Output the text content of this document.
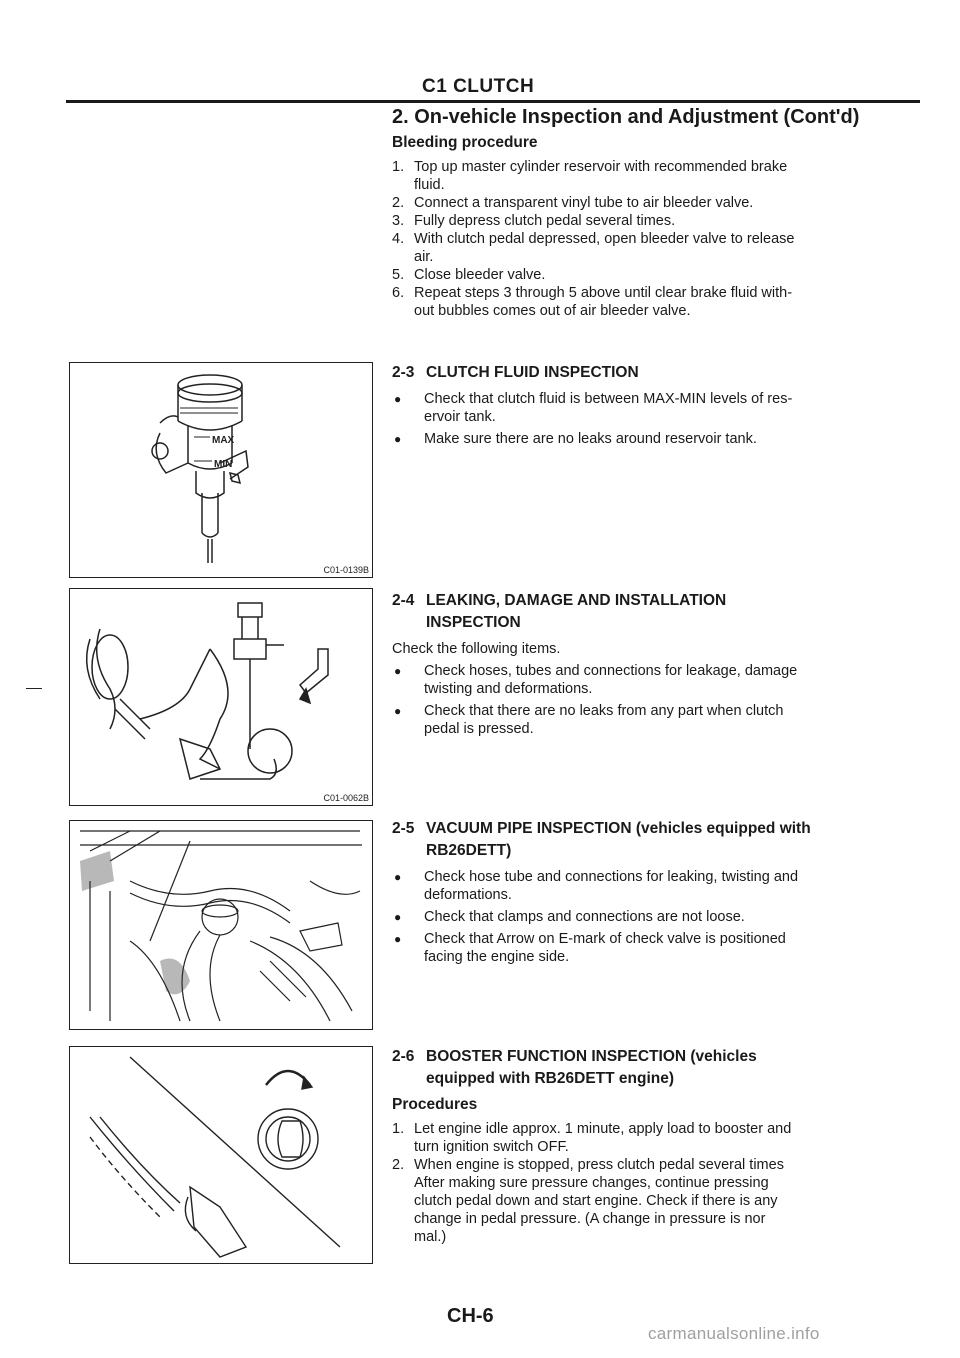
C1 CLUTCH
2. On-vehicle Inspection and Adjustment (Cont'd)
Bleeding procedure
1. Top up master cylinder reservoir with recommended brake
fluid.
2. Connect a transparent vinyl tube to air bleeder valve.
3. Fully depress clutch pedal several times.
4. With clutch pedal depressed, open bleeder valve to release
air.
5. Close bleeder valve.
6. Repeat steps 3 through 5 above until clear brake fluid with-
out bubbles comes out of air bleeder valve.
2-3 CLUTCH FLUID INSPECTION
●	Check that clutch fluid is between MAX-MIN levels of res-
ervoir tank.
●	Make sure there are no leaks around reservoir tank.
2-4 LEAKING, DAMAGE AND INSTALLATION
INSPECTION
Check the following items.
●	Check hoses, tubes and connections for leakage, damage
twisting and deformations.
●	Check that there are no leaks from any part when clutch
pedal is pressed.
2-5 VACUUM PIPE INSPECTION (vehicles equipped with
RB26DETT)
●	Check hose tube and connections for leaking, twisting and
deformations.
●	Check that clamps and connections are not loose.
●	Check that Arrow on E-mark of check valve is positioned
facing the engine side.
2-6 BOOSTER FUNCTION INSPECTION (vehicles
equipped with RB26DETT engine)
Procedures
1. Let engine idle approx. 1 minute, apply load to booster and
turn ignition switch OFF.
2. When engine is stopped, press clutch pedal several times
After making sure pressure changes, continue pressing
clutch pedal down and start engine. Check if there is any
change in pedal pressure. (A change in pressure is nor
mal.)
MAX
MIN
C01-0139B
C01-0062B
CH-6
carmanualsonline.info
